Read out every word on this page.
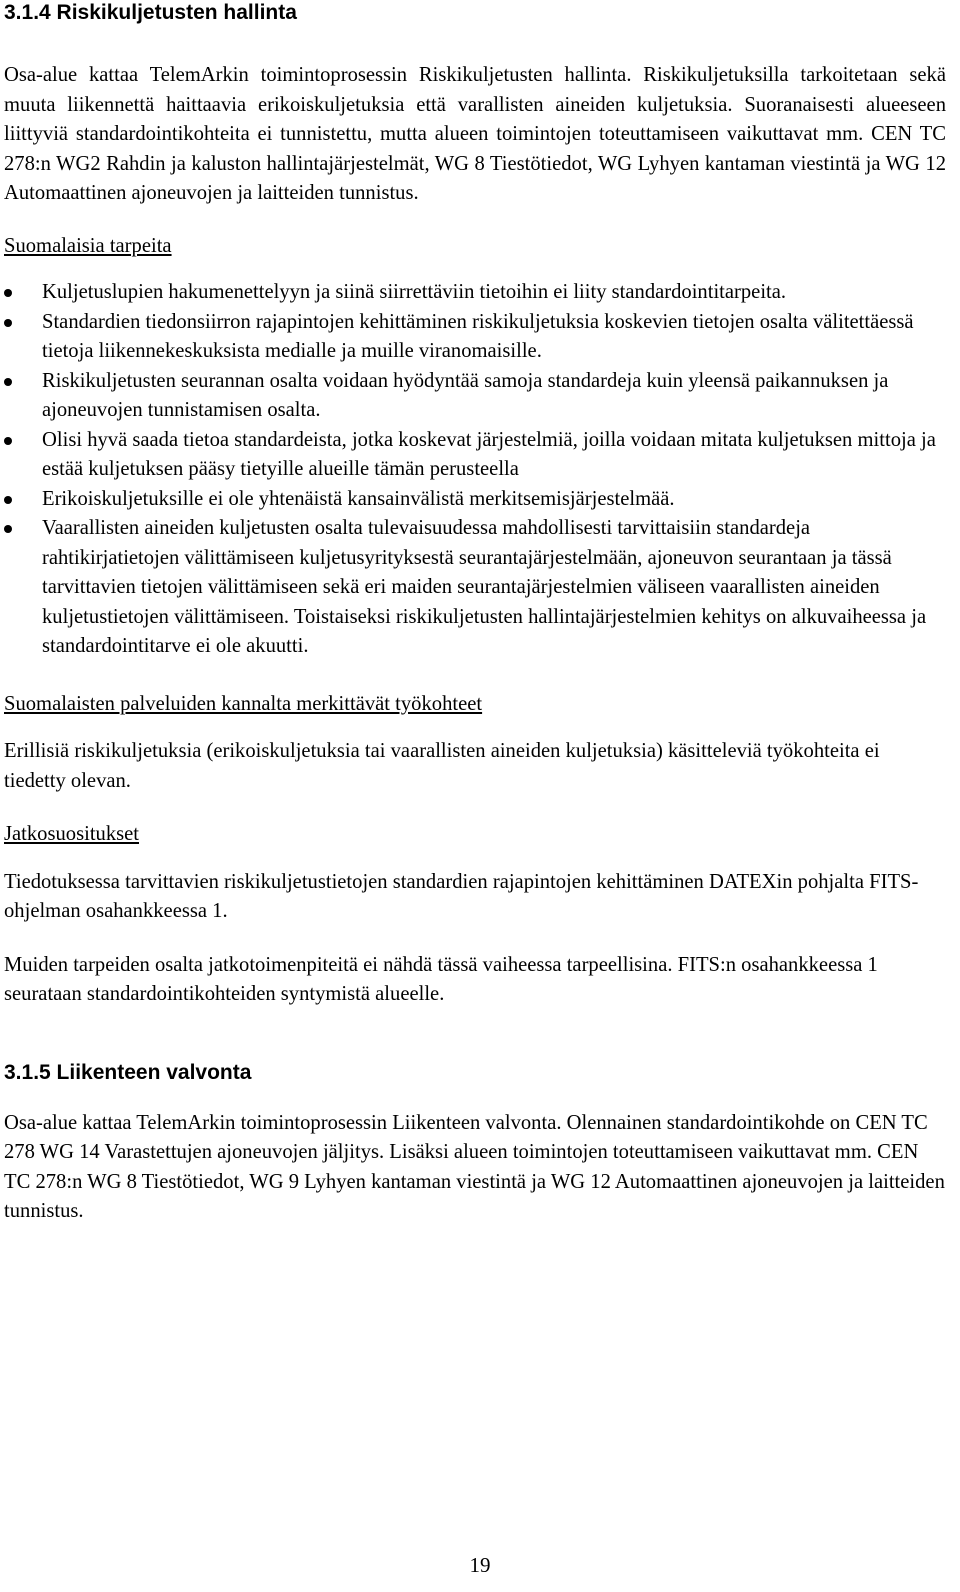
3.1.4 Riskikuljetusten hallinta

Osa-alue kattaa TelemArkin toimintoprosessin Riskikuljetusten hallinta. Riskikuljetuksilla tarkoitetaan sekä muuta liikennettä haittaavia erikoiskuljetuksia että varallisten aineiden kuljetuksia. Suoranaisesti alueeseen liittyviä standardointikohteita ei tunnistettu, mutta alueen toimintojen toteuttamiseen vaikuttavat mm. CEN TC 278:n WG2 Rahdin ja kaluston hallintajärjestelmät, WG 8 Tiestötiedot, WG Lyhyen kantaman viestintä ja WG 12 Automaattinen ajoneuvojen ja laitteiden tunnistus.

Suomalaisia tarpeita

Kuljetuslupien hakumenettelyyn ja siinä siirrettäviin tietoihin ei liity standardointitarpeita.
Standardien tiedonsiirron rajapintojen kehittäminen riskikuljetuksia koskevien tietojen osalta välitettäessä tietoja liikennekeskuksista medialle ja muille viranomaisille.
Riskikuljetusten seurannan osalta voidaan hyödyntää samoja standardeja kuin yleensä paikannuksen ja ajoneuvojen tunnistamisen osalta.
Olisi hyvä saada tietoa standardeista, jotka koskevat järjestelmiä, joilla voidaan mitata kuljetuksen mittoja ja estää kuljetuksen pääsy tietyille alueille tämän perusteella
Erikoiskuljetuksille ei ole yhtenäistä kansainvälistä merkitsemisjärjestelmää.
Vaarallisten aineiden kuljetusten osalta tulevaisuudessa mahdollisesti tarvittaisiin standardeja rahtikirjatietojen välittämiseen kuljetusyrityksestä seurantajärjestelmään, ajoneuvon seurantaan ja tässä tarvittavien tietojen välittämiseen sekä eri maiden seurantajärjestelmien väliseen vaarallisten aineiden kuljetustietojen välittämiseen. Toistaiseksi riskikuljetusten hallintajärjestelmien kehitys on alkuvaiheessa ja standardointitarve ei ole akuutti.

Suomalaisten palveluiden kannalta merkittävät työkohteet

Erillisiä riskikuljetuksia (erikoiskuljetuksia tai vaarallisten aineiden kuljetuksia) käsitteleviä työkohteita ei tiedetty olevan.

Jatkosuositukset

Tiedotuksessa tarvittavien riskikuljetustietojen standardien rajapintojen kehittäminen DATEXin pohjalta FITS-ohjelman osahankkeessa 1.

Muiden tarpeiden osalta jatkotoimenpiteitä ei nähdä tässä vaiheessa tarpeellisina. FITS:n osahankkeessa 1 seurataan standardointikohteiden syntymistä alueelle.

3.1.5 Liikenteen valvonta

Osa-alue kattaa TelemArkin toimintoprosessin Liikenteen valvonta. Olennainen standardointikohde on CEN TC 278 WG 14 Varastettujen ajoneuvojen jäljitys. Lisäksi alueen toimintojen toteuttamiseen vaikuttavat mm. CEN TC 278:n WG 8 Tiestötiedot, WG 9 Lyhyen kantaman viestintä ja WG 12 Automaattinen ajoneuvojen ja laitteiden tunnistus.

19
